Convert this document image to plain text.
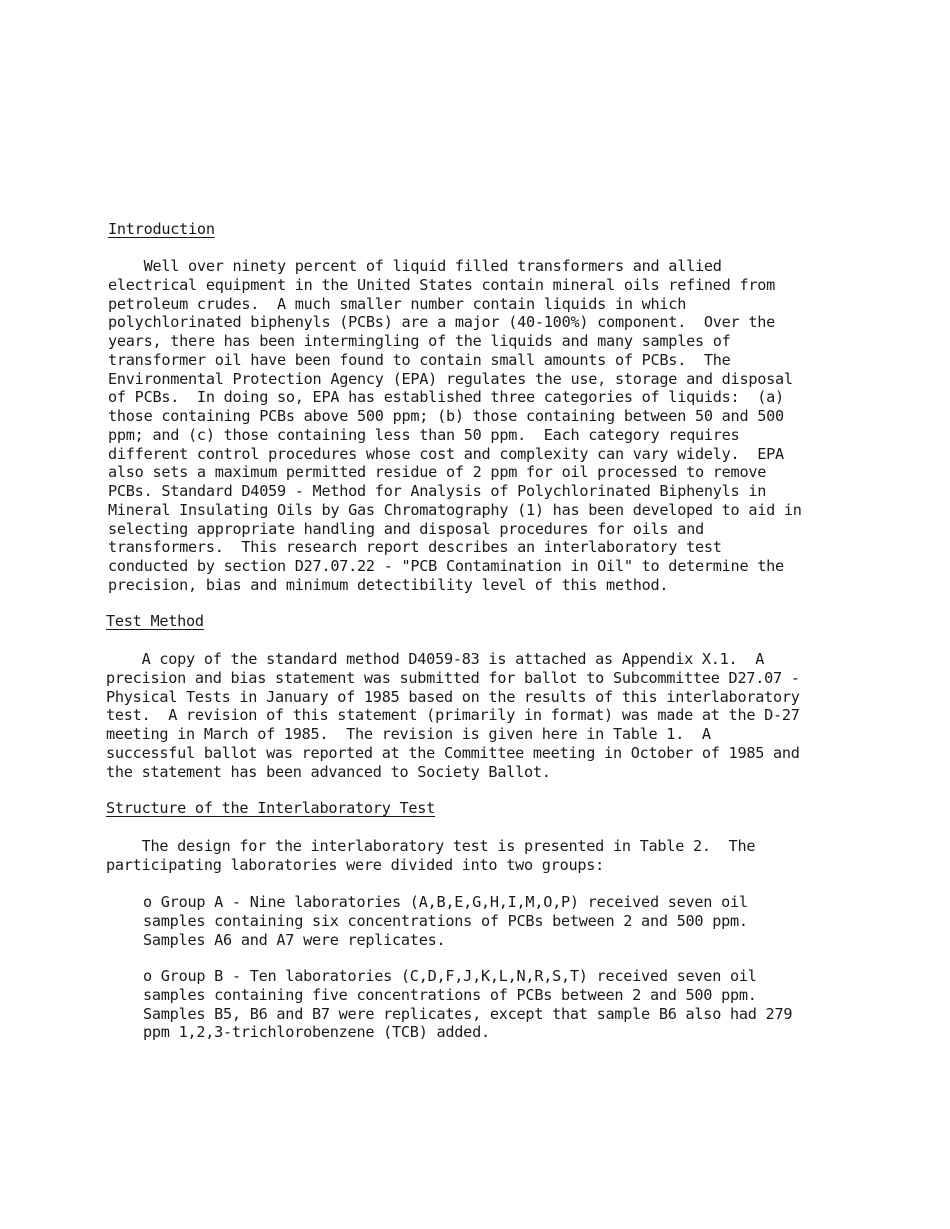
Introduction
Well over ninety percent of liquid filled transformers and allied
electrical equipment in the United States contain mineral oils refined from
petroleum crudes.  A much smaller number contain liquids in which
polychlorinated biphenyls (PCBs) are a major (40-100%) component.  Over the
years, there has been intermingling of the liquids and many samples of
transformer oil have been found to contain small amounts of PCBs.  The
Environmental Protection Agency (EPA) regulates the use, storage and disposal
of PCBs.  In doing so, EPA has established three categories of liquids:  (a)
those containing PCBs above 500 ppm; (b) those containing between 50 and 500
ppm; and (c) those containing less than 50 ppm.  Each category requires
different control procedures whose cost and complexity can vary widely.  EPA
also sets a maximum permitted residue of 2 ppm for oil processed to remove
PCBs. Standard D4059 - Method for Analysis of Polychlorinated Biphenyls in
Mineral Insulating Oils by Gas Chromatography (1) has been developed to aid in
selecting appropriate handling and disposal procedures for oils and
transformers.  This research report describes an interlaboratory test
conducted by section D27.07.22 - "PCB Contamination in Oil" to determine the
precision, bias and minimum detectibility level of this method.
Test Method
A copy of the standard method D4059-83 is attached as Appendix X.1.  A
precision and bias statement was submitted for ballot to Subcommittee D27.07 -
Physical Tests in January of 1985 based on the results of this interlaboratory
test.  A revision of this statement (primarily in format) was made at the D-27
meeting in March of 1985.  The revision is given here in Table 1.  A
successful ballot was reported at the Committee meeting in October of 1985 and
the statement has been advanced to Society Ballot.
Structure of the Interlaboratory Test
The design for the interlaboratory test is presented in Table 2.  The
participating laboratories were divided into two groups:
o Group A - Nine laboratories (A,B,E,G,H,I,M,O,P) received seven oil
samples containing six concentrations of PCBs between 2 and 500 ppm.
Samples A6 and A7 were replicates.
o Group B - Ten laboratories (C,D,F,J,K,L,N,R,S,T) received seven oil
samples containing five concentrations of PCBs between 2 and 500 ppm.
Samples B5, B6 and B7 were replicates, except that sample B6 also had 279
ppm 1,2,3-trichlorobenzene (TCB) added.
